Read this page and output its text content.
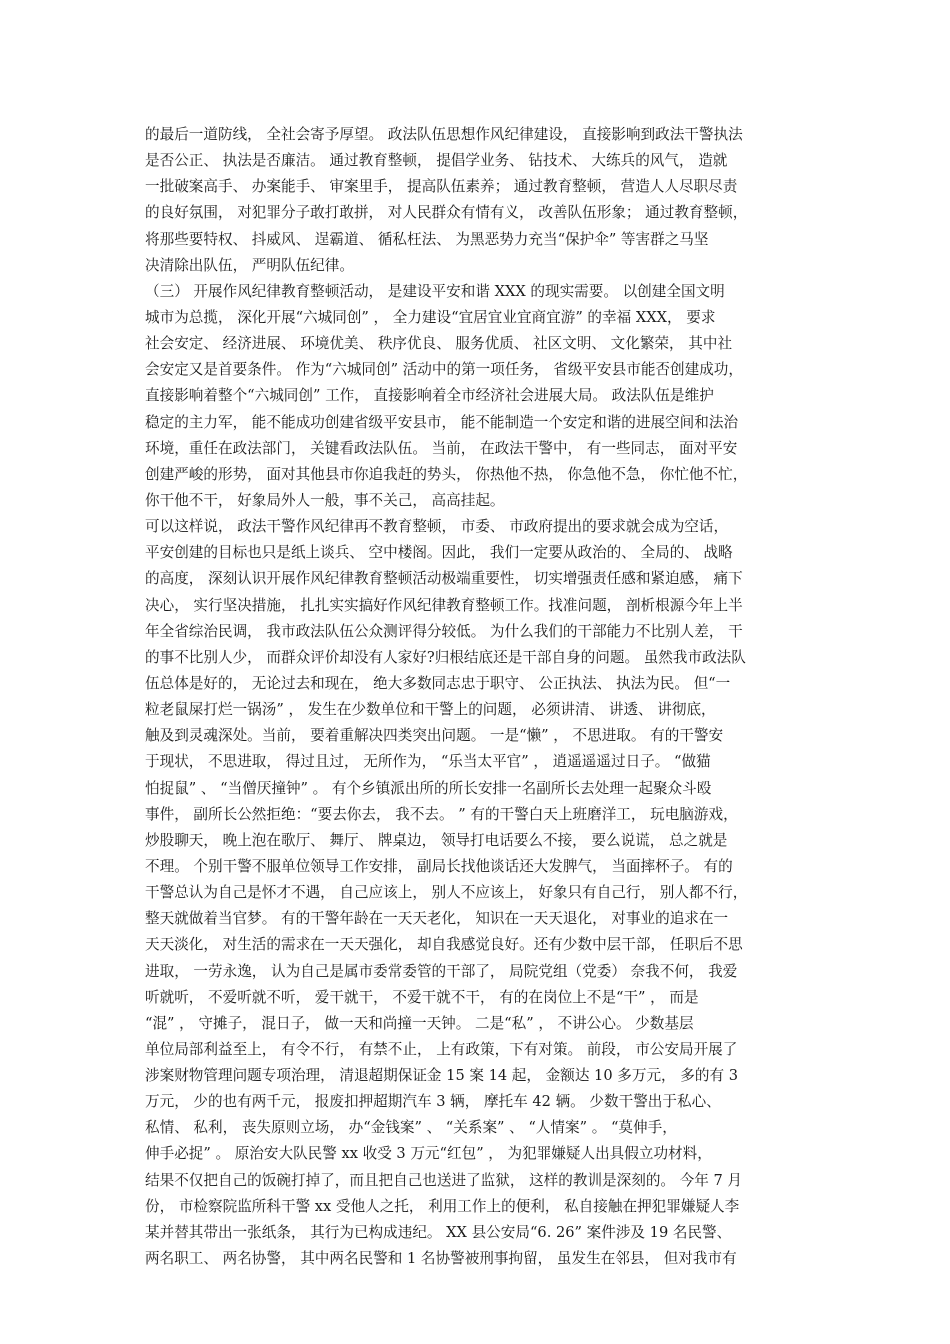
的最后一道防线， 全社会寄予厚望。 政法队伍思想作风纪律建设， 直接影响到政法干警执法
是否公正、 执法是否廉洁。 通过教育整顿， 提倡学业务、 钻技术、 大练兵的风气， 造就
一批破案高手、 办案能手、 审案里手， 提高队伍素养； 通过教育整顿， 营造人人尽职尽责
的良好氛围， 对犯罪分子敢打敢拼， 对人民群众有情有义， 改善队伍形象； 通过教育整顿，
将那些要特权、 抖威风、 逞霸道、 循私枉法、 为黑恶势力充当“保护伞” 等害群之马坚
决清除出队伍， 严明队伍纪律。
（三） 开展作风纪律教育整顿活动， 是建设平安和谐 XXX 的现实需要。 以创建全国文明
城市为总揽， 深化开展“六城同创” ， 全力建设“宜居宜业宜商宜游” 的幸福 XXX， 要求
社会安定、 经济进展、 环境优美、 秩序优良、 服务优质、 社区文明、 文化繁荣， 其中社
会安定又是首要条件。 作为“六城同创” 活动中的第一项任务， 省级平安县市能否创建成功，
直接影响着整个“六城同创” 工作， 直接影响着全市经济社会进展大局。 政法队伍是维护
稳定的主力军， 能不能成功创建省级平安县市， 能不能制造一个安定和谐的进展空间和法治
环境，重任在政法部门， 关键看政法队伍。 当前， 在政法干警中， 有一些同志， 面对平安
创建严峻的形势， 面对其他县市你追我赶的势头， 你热他不热， 你急他不急， 你忙他不忙，
你干他不干， 好象局外人一般，事不关己， 高高挂起。
可以这样说， 政法干警作风纪律再不教育整顿， 市委、 市政府提出的要求就会成为空话，
平安创建的目标也只是纸上谈兵、 空中楼阁。因此， 我们一定要从政治的、 全局的、 战略
的高度， 深刻认识开展作风纪律教育整顿活动极端重要性， 切实增强责任感和紧迫感， 痛下
决心， 实行坚决措施， 扎扎实实搞好作风纪律教育整顿工作。找准问题， 剖析根源今年上半
年全省综治民调， 我市政法队伍公众测评得分较低。 为什么我们的干部能力不比别人差， 干
的事不比别人少， 而群众评价却没有人家好?归根结底还是干部自身的问题。 虽然我市政法队
伍总体是好的， 无论过去和现在， 绝大多数同志忠于职守、 公正执法、 执法为民。 但“一
粒老鼠屎打烂一锅汤” ， 发生在少数单位和干警上的问题， 必须讲清、 讲透、 讲彻底，
触及到灵魂深处。当前， 要着重解决四类突出问题。 一是“懒” ， 不思进取。 有的干警安
于现状， 不思进取， 得过且过， 无所作为， “乐当太平官” ， 逍遥遥遥过日子。 “做猫
怕捉鼠” 、 “当僧厌撞钟” 。 有个乡镇派出所的所长安排一名副所长去处理一起聚众斗殴
事件， 副所长公然拒绝：“要去你去， 我不去。 ” 有的干警白天上班磨洋工， 玩电脑游戏，
炒股聊天， 晚上泡在歌厅、 舞厅、 牌桌边， 领导打电话要么不接， 要么说谎， 总之就是
不理。 个别干警不服单位领导工作安排， 副局长找他谈话还大发脾气， 当面摔杯子。 有的
干警总认为自己是怀才不遇， 自己应该上， 别人不应该上， 好象只有自己行， 别人都不行，
整天就做着当官梦。 有的干警年龄在一天天老化， 知识在一天天退化， 对事业的追求在一
天天淡化， 对生活的需求在一天天强化， 却自我感觉良好。还有少数中层干部， 任职后不思
进取， 一劳永逸， 认为自己是属市委常委管的干部了， 局院党组（党委） 奈我不何， 我爱
听就听， 不爱听就不听， 爱干就干， 不爱干就不干， 有的在岗位上不是“干” ， 而是
“混” ， 守摊子， 混日子， 做一天和尚撞一天钟。 二是“私” ， 不讲公心。 少数基层
单位局部利益至上， 有令不行， 有禁不止， 上有政策，下有对策。 前段， 市公安局开展了
涉案财物管理问题专项治理， 清退超期保证金 15 案 14 起， 金额达 10 多万元， 多的有 3
万元， 少的也有两千元， 报废扣押超期汽车 3 辆， 摩托车 42 辆。 少数干警出于私心、
私情、 私利， 丧失原则立场， 办“金钱案” 、 “关系案” 、 “人情案” 。 “莫伸手，
伸手必捉” 。 原治安大队民警 xx 收受 3 万元“红包” ， 为犯罪嫌疑人出具假立功材料，
结果不仅把自己的饭碗打掉了，而且把自己也送进了监狱， 这样的教训是深刻的。 今年 7 月
份， 市检察院监所科干警 xx 受他人之托， 利用工作上的便利， 私自接触在押犯罪嫌疑人李
某并替其带出一张纸条， 其行为已构成违纪。 XX 县公安局“6. 26” 案件涉及 19 名民警、
两名职工、 两名协警， 其中两名民警和 1 名协警被刑事拘留， 虽发生在邻县， 但对我市有
